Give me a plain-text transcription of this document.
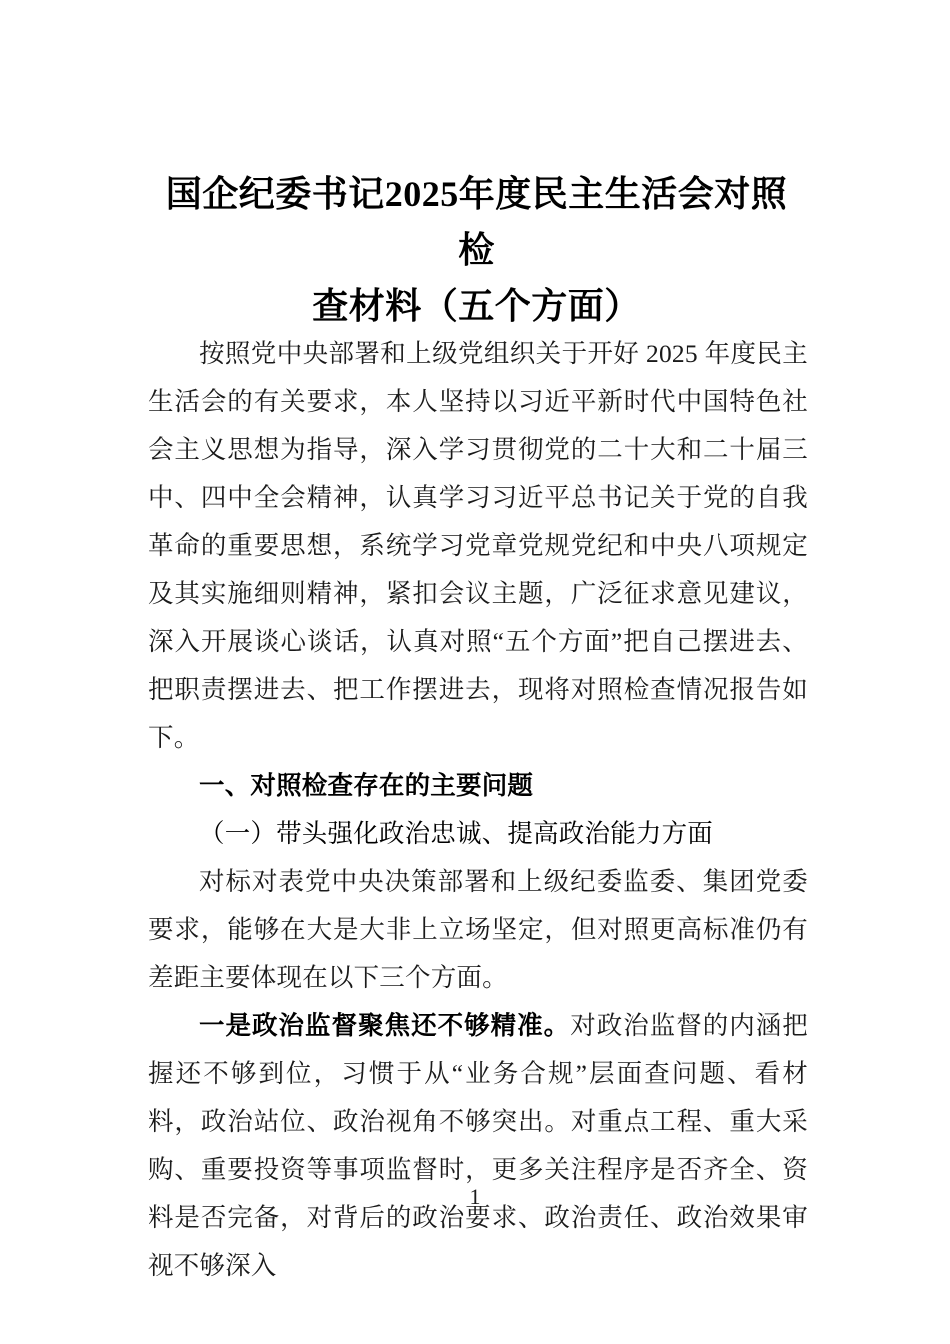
国企纪委书记2025年度民主生活会对照检
查材料（五个方面）

按照党中央部署和上级党组织关于开好 2025 年度民主生活会的有关要求，本人坚持以习近平新时代中国特色社会主义思想为指导，深入学习贯彻党的二十大和二十届三中、四中全会精神，认真学习习近平总书记关于党的自我革命的重要思想，系统学习党章党规党纪和中央八项规定及其实施细则精神，紧扣会议主题，广泛征求意见建议，深入开展谈心谈话，认真对照“五个方面”把自己摆进去、把职责摆进去、把工作摆进去，现将对照检查情况报告如下。

一、对照检查存在的主要问题

（一）带头强化政治忠诚、提高政治能力方面

对标对表党中央决策部署和上级纪委监委、集团党委要求，能够在大是大非上立场坚定，但对照更高标准仍有差距主要体现在以下三个方面。

一是政治监督聚焦还不够精准。对政治监督的内涵把握还不够到位，习惯于从“业务合规”层面查问题、看材料，政治站位、政治视角不够突出。对重点工程、重大采购、重要投资等事项监督时，更多关注程序是否齐全、资料是否完备，对背后的政治要求、政治责任、政治效果审视不够深入

1
